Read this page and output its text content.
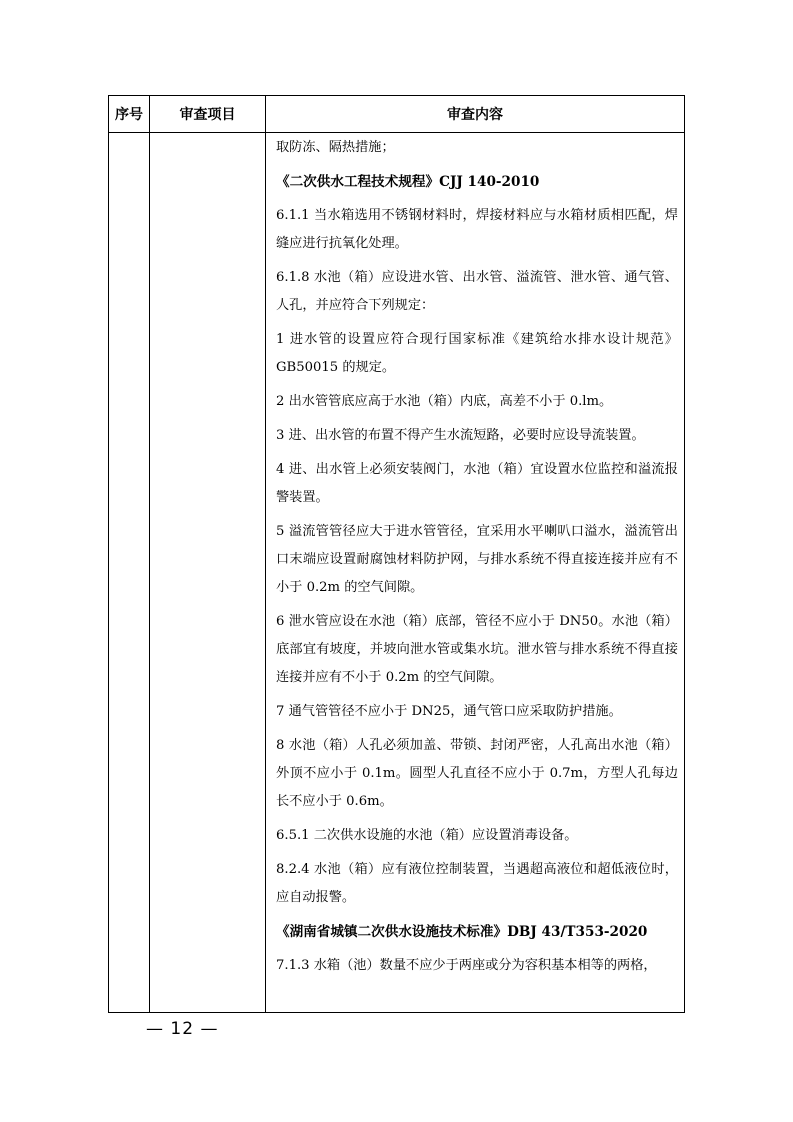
序号	审查项目	审查内容

取防冻、隔热措施；

《二次供水工程技术规程》CJJ 140-2010

6.1.1 当水箱选用不锈钢材料时，焊接材料应与水箱材质相匹配，焊缝应进行抗氧化处理。

6.1.8 水池（箱）应设进水管、出水管、溢流管、泄水管、通气管、人孔，并应符合下列规定：

1 进水管的设置应符合现行国家标准《建筑给水排水设计规范》GB50015 的规定。

2 出水管管底应高于水池（箱）内底，高差不小于 0.lm。

3 进、出水管的布置不得产生水流短路，必要时应设导流装置。

4 进、出水管上必须安装阀门，水池（箱）宜设置水位监控和溢流报警装置。

5 溢流管管径应大于进水管管径，宜采用水平喇叭口溢水，溢流管出口末端应设置耐腐蚀材料防护网，与排水系统不得直接连接并应有不小于 0.2m 的空气间隙。

6 泄水管应设在水池（箱）底部，管径不应小于 DN50。水池（箱）底部宜有坡度，并坡向泄水管或集水坑。泄水管与排水系统不得直接连接并应有不小于 0.2m 的空气间隙。

7 通气管管径不应小于 DN25，通气管口应采取防护措施。

8 水池（箱）人孔必须加盖、带锁、封闭严密，人孔高出水池（箱）外顶不应小于 0.1m。圆型人孔直径不应小于 0.7m，方型人孔每边长不应小于 0.6m。

6.5.1 二次供水设施的水池（箱）应设置消毒设备。

8.2.4 水池（箱）应有液位控制装置，当遇超高液位和超低液位时，应自动报警。

《湖南省城镇二次供水设施技术标准》DBJ 43/T353-2020

7.1.3 水箱（池）数量不应少于两座或分为容积基本相等的两格，

— 12 —
